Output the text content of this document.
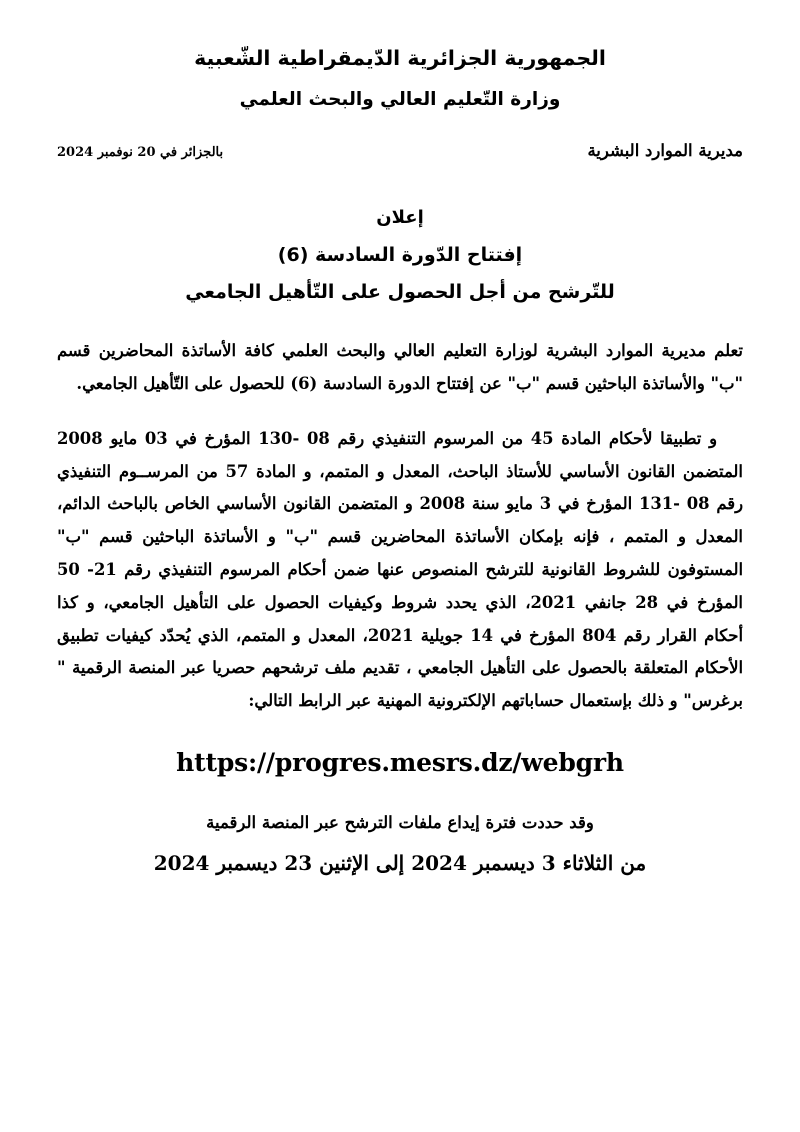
الجمهورية الجزائرية الدّيمقراطية الشّعبية
وزارة التّعليم العالي والبحث العلمي
مديرية الموارد البشرية
بالجزائر في 20 نوفمبر 2024
إعلان
إفتتاح الدّورة السادسة (6)
للتّرشح من أجل الحصول على التّأهيل الجامعي

تعلم مديرية الموارد البشرية لوزارة التعليم العالي والبحث العلمي كافة الأساتذة المحاضرين قسم "ب" والأساتذة الباحثين قسم "ب" عن إفتتاح الدورة السادسة (6) للحصول على التّأهيل الجامعي.

و تطبيقا لأحكام المادة 45 من المرسوم التنفيذي رقم 08 -130 المؤرخ في 03 مايو 2008 المتضمن القانون الأساسي للأستاذ الباحث، المعدل و المتمم، و المادة 57 من المرســوم التنفيذي رقم 08 -131 المؤرخ في 3 مايو سنة 2008 و المتضمن القانون الأساسي الخاص بالباحث الدائم، المعدل و المتمم ، فإنه بإمكان الأساتذة المحاضرين قسم "ب" و الأساتذة الباحثين قسم "ب" المستوفون للشروط القانونية للترشح المنصوص عنها ضمن أحكام المرسوم التنفيذي رقم 21- 50 المؤرخ في 28 جانفي 2021، الذي يحدد شروط وكيفيات الحصول على التأهيل الجامعي، و كذا أحكام القرار رقم 804 المؤرخ في 14 جويلية 2021، المعدل و المتمم، الذي يُحدّد كيفيات تطبيق الأحكام المتعلقة بالحصول على التأهيل الجامعي ، تقديم ملف ترشحهم حصريا عبر المنصة الرقمية " برغرس" و ذلك بإستعمال حساباتهم الإلكترونية المهنية عبر الرابط التالي:

https://progres.mesrs.dz/webgrh
وقد حددت فترة إيداع ملفات الترشح عبر المنصة الرقمية
من الثلاثاء 3 ديسمبر 2024 إلى الإثنين 23 ديسمبر 2024
